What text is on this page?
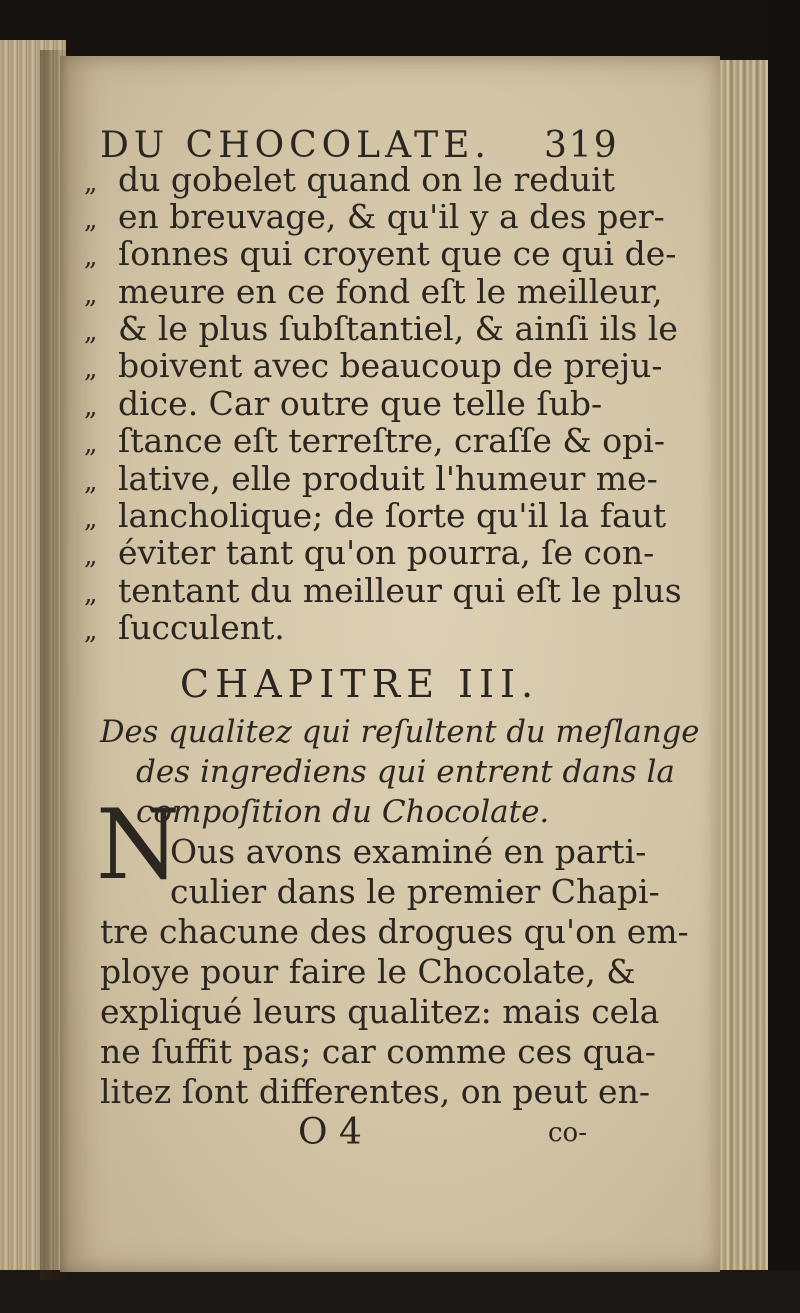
DU CHOCOLATE. 319
„ du gobelet quand on le reduit
„ en breuvage, & qu'il y a des per-
„ ſonnes qui croyent que ce qui de-
„ meure en ce fond eſt le meilleur,
„ & le plus ſubſtantiel, & ainſi ils le
„ boivent avec beaucoup de preju-
„ dice. Car outre que telle ſub-
„ ſtance eſt terreſtre, craſſe & opi-
„ lative, elle produit l'humeur me-
„ lancholique; de ſorte qu'il la faut
„ éviter tant qu'on pourra, ſe con-
„ tentant du meilleur qui eſt le plus
„ ſucculent.
CHAPITRE III.
Des qualitez qui reſultent du meſlange
des ingrediens qui entrent dans la
compoſition du Chocolate.
N
Ous avons examiné en parti-
culier dans le premier Chapi-
tre chacune des drogues qu'on em-
ploye pour faire le Chocolate, &
expliqué leurs qualitez: mais cela
ne ſuffit pas; car comme ces qua-
litez ſont differentes, on peut en-
O 4	co-
